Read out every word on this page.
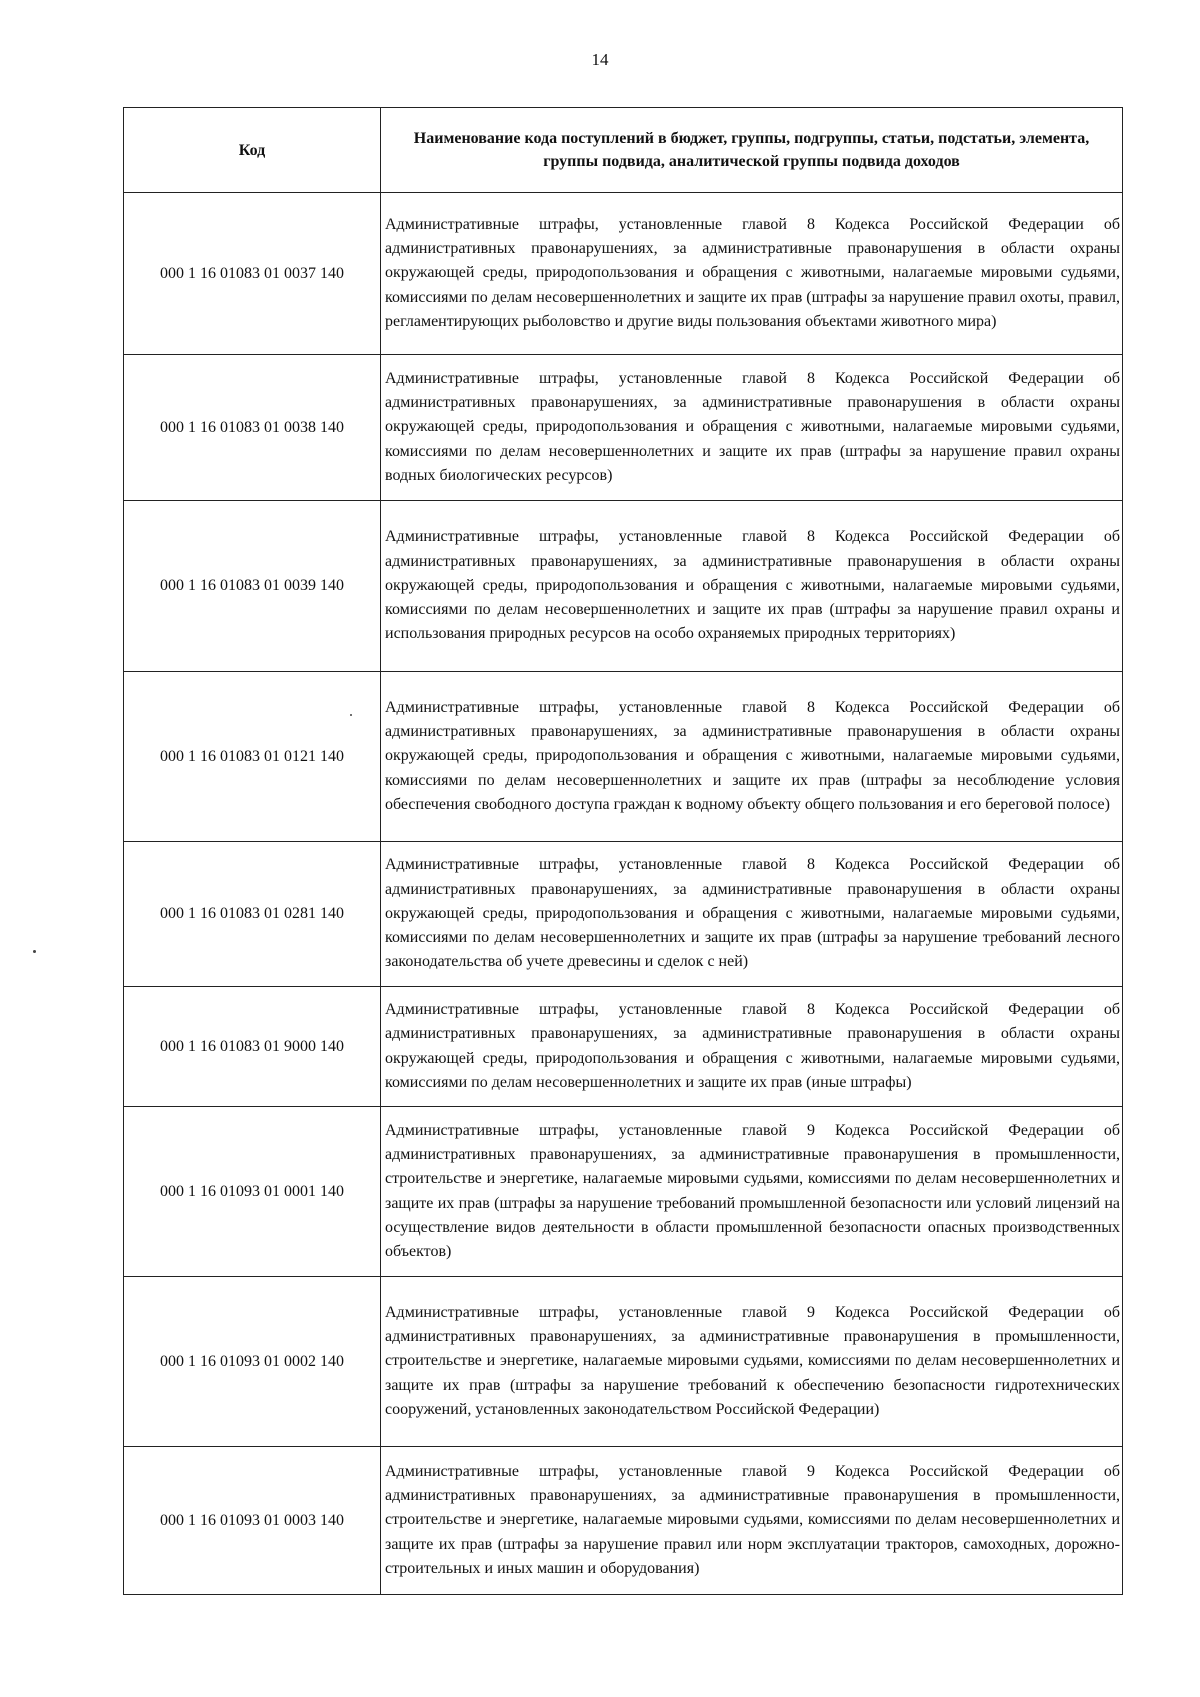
14
Код	Наименование кода поступлений в бюджет, группы, подгруппы, статьи, подстатьи, элемента, группы подвида, аналитической группы подвида доходов
000 1 16 01083 01 0037 140	Административные штрафы, установленные главой 8 Кодекса Российской Федерации об административных правонарушениях, за административные правонарушения в области охраны окружающей среды, природопользования и обращения с животными, налагаемые мировыми судьями, комиссиями по делам несовершеннолетних и защите их прав (штрафы за нарушение правил охоты, правил, регламентирующих рыболовство и другие виды пользования объектами животного мира)
000 1 16 01083 01 0038 140	Административные штрафы, установленные главой 8 Кодекса Российской Федерации об административных правонарушениях, за административные правонарушения в области охраны окружающей среды, природопользования и обращения с животными, налагаемые мировыми судьями, комиссиями по делам несовершеннолетних и защите их прав (штрафы за нарушение правил охраны водных биологических ресурсов)
000 1 16 01083 01 0039 140	Административные штрафы, установленные главой 8 Кодекса Российской Федерации об административных правонарушениях, за административные правонарушения в области охраны окружающей среды, природопользования и обращения с животными, налагаемые мировыми судьями, комиссиями по делам несовершеннолетних и защите их прав (штрафы за нарушение правил охраны и использования природных ресурсов на особо охраняемых природных территориях)
000 1 16 01083 01 0121 140	Административные штрафы, установленные главой 8 Кодекса Российской Федерации об административных правонарушениях, за административные правонарушения в области охраны окружающей среды, природопользования и обращения с животными, налагаемые мировыми судьями, комиссиями по делам несовершеннолетних и защите их прав (штрафы за несоблюдение условия обеспечения свободного доступа граждан к водному объекту общего пользования и его береговой полосе)
000 1 16 01083 01 0281 140	Административные штрафы, установленные главой 8 Кодекса Российской Федерации об административных правонарушениях, за административные правонарушения в области охраны окружающей среды, природопользования и обращения с животными, налагаемые мировыми судьями, комиссиями по делам несовершеннолетних и защите их прав (штрафы за нарушение требований лесного законодательства об учете древесины и сделок с ней)
000 1 16 01083 01 9000 140	Административные штрафы, установленные главой 8 Кодекса Российской Федерации об административных правонарушениях, за административные правонарушения в области охраны окружающей среды, природопользования и обращения с животными, налагаемые мировыми судьями, комиссиями по делам несовершеннолетних и защите их прав (иные штрафы)
000 1 16 01093 01 0001 140	Административные штрафы, установленные главой 9 Кодекса Российской Федерации об административных правонарушениях, за административные правонарушения в промышленности, строительстве и энергетике, налагаемые мировыми судьями, комиссиями по делам несовершеннолетних и защите их прав (штрафы за нарушение требований промышленной безопасности или условий лицензий на осуществление видов деятельности в области промышленной безопасности опасных производственных объектов)
000 1 16 01093 01 0002 140	Административные штрафы, установленные главой 9 Кодекса Российской Федерации об административных правонарушениях, за административные правонарушения в промышленности, строительстве и энергетике, налагаемые мировыми судьями, комиссиями по делам несовершеннолетних и защите их прав (штрафы за нарушение требований к обеспечению безопасности гидротехнических сооружений, установленных законодательством Российской Федерации)
000 1 16 01093 01 0003 140	Административные штрафы, установленные главой 9 Кодекса Российской Федерации об административных правонарушениях, за административные правонарушения в промышленности, строительстве и энергетике, налагаемые мировыми судьями, комиссиями по делам несовершеннолетних и защите их прав (штрафы за нарушение правил или норм эксплуатации тракторов, самоходных, дорожно-строительных и иных машин и оборудования)
